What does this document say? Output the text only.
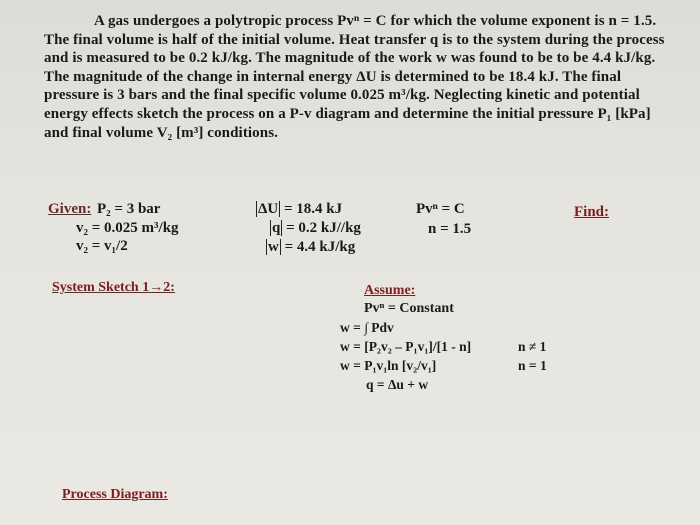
A gas undergoes a polytropic process Pvⁿ = C for which the volume exponent is n = 1.5. The final volume is half of the initial volume. Heat transfer q is to the system during the process and is measured to be 0.2 kJ/kg. The magnitude of the work w was found to be to be 4.4 kJ/kg. The magnitude of the change in internal energy ΔU is determined to be 18.4 kJ. The final pressure is 3 bars and the final specific volume 0.025 m³/kg. Neglecting kinetic and potential energy effects sketch the process on a P-v diagram and determine the initial pressure P₁ [kPa] and final volume V₂ [m³] conditions.

Given: P₂ = 3 bar
v₂ = 0.025 m³/kg
v₂ = v₁/2
ΔU = 18.4 kJ
q = 0.2 kJ//kg
w = 4.4 kJ/kg
Pvⁿ = C
n = 1.5
Find:
System Sketch 1→2:	Assume:
Pvⁿ = Constant
w = ∫ Pdv
w = [P₂v₂ – P₁v₁]/[1 - n]	n ≠ 1
w = P₁v₁ln [v₂/v₁]	n = 1
q = Δu + w
Process Diagram:
